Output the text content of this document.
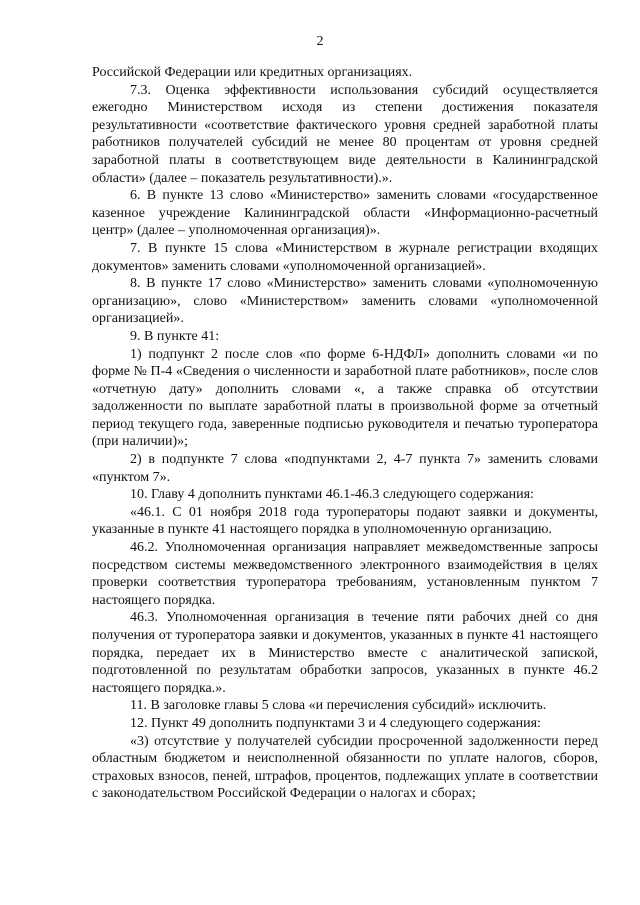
2

Российской Федерации или кредитных организациях.

7.3. Оценка эффективности использования субсидий осуществляется ежегодно Министерством исходя из степени достижения показателя результативности «соответствие фактического уровня средней заработной платы работников получателей субсидий не менее 80 процентам от уровня средней заработной платы в соответствующем виде деятельности в Калининградской области» (далее – показатель результативности).».

6. В пункте 13 слово «Министерство» заменить словами «государственное казенное учреждение Калининградской области «Информационно-расчетный центр» (далее – уполномоченная организация)».

7. В пункте 15 слова «Министерством в журнале регистрации входящих документов» заменить словами «уполномоченной организацией».

8. В пункте 17 слово «Министерство» заменить словами «уполномоченную организацию», слово «Министерством» заменить словами «уполномоченной организацией».

9. В пункте 41:

1) подпункт 2 после слов «по форме 6-НДФЛ» дополнить словами «и по форме № П-4 «Сведения о численности и заработной плате работников», после слов «отчетную дату» дополнить словами «, а также справка об отсутствии задолженности по выплате заработной платы в произвольной форме за отчетный период текущего года, заверенные подписью руководителя и печатью туроператора (при наличии)»;

2) в подпункте 7 слова «подпунктами 2, 4-7 пункта 7» заменить словами «пунктом 7».

10. Главу 4 дополнить пунктами 46.1-46.3 следующего содержания:

«46.1. С 01 ноября 2018 года туроператоры подают заявки и документы, указанные в пункте 41 настоящего порядка в уполномоченную организацию.

46.2. Уполномоченная организация направляет межведомственные запросы посредством системы межведомственного электронного взаимодействия в целях проверки соответствия туроператора требованиям, установленным пунктом 7 настоящего порядка.

46.3. Уполномоченная организация в течение пяти рабочих дней со дня получения от туроператора заявки и документов, указанных в пункте 41 настоящего порядка, передает их в Министерство вместе с аналитической запиской, подготовленной по результатам обработки запросов, указанных в пункте 46.2 настоящего порядка.».

11. В заголовке главы 5 слова «и перечисления субсидий» исключить.

12. Пункт 49 дополнить подпунктами 3 и 4 следующего содержания:

«3) отсутствие у получателей субсидии просроченной задолженности перед областным бюджетом и неисполненной обязанности по уплате налогов, сборов, страховых взносов, пеней, штрафов, процентов, подлежащих уплате в соответствии с законодательством Российской Федерации о налогах и сборах;
